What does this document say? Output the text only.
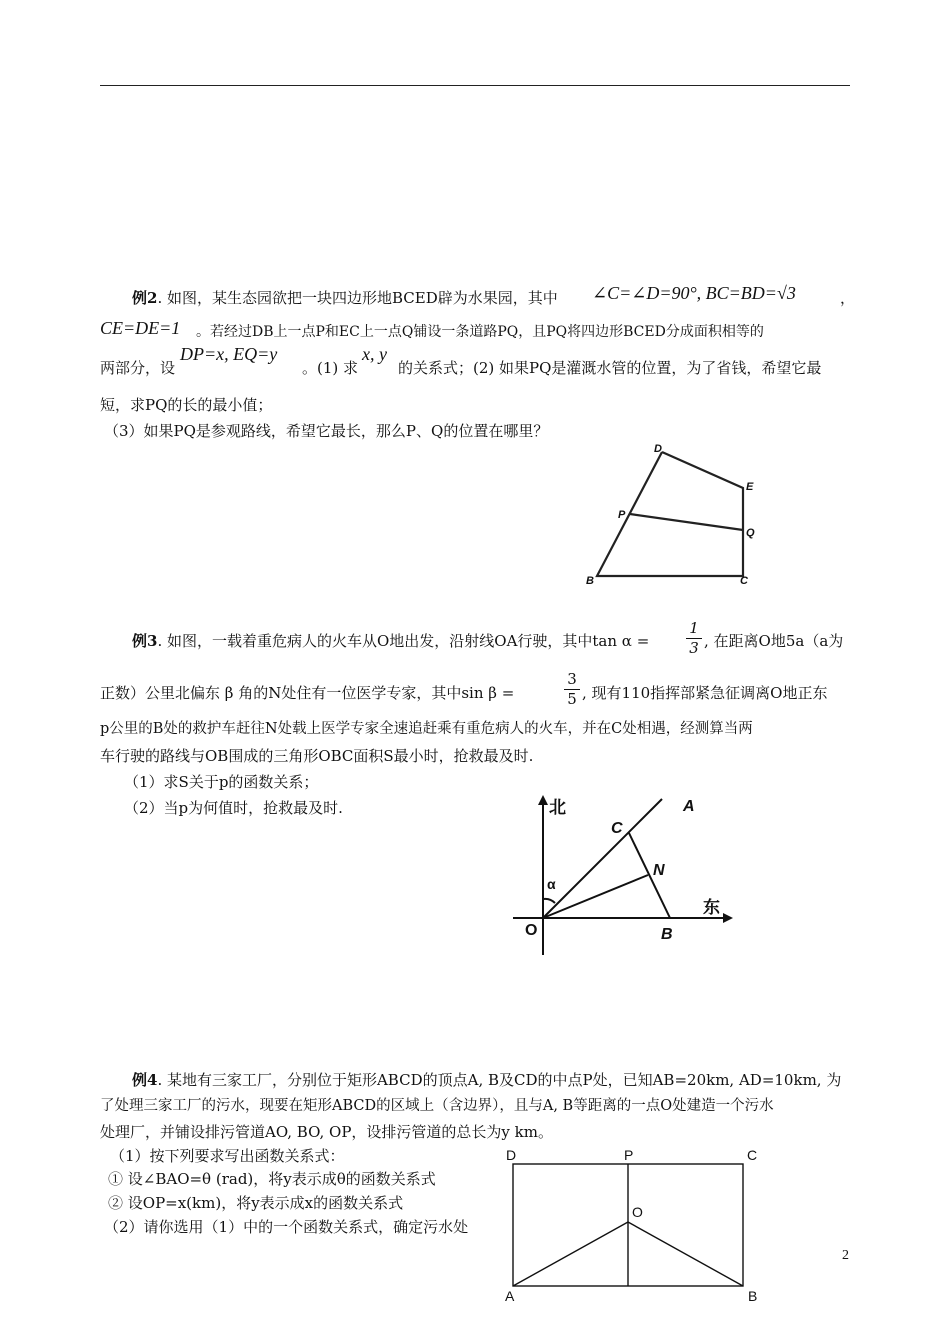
例2. 如图，某生态园欲把一块四边形地BCED辟为水果园，其中 ∠C=∠D=90°, BC=BD=√3	，
CE=DE=1 。若经过DB上一点P和EC上一点Q铺设一条道路PQ，且PQ将四边形BCED分成面积相等的
两部分，设
DP=x, EQ=y
。(1) 求
x, y
的关系式；(2) 如果PQ是灌溉水管的位置，为了省钱，希望它最
短，求PQ的长的最小值；
（3）如果PQ是参观路线，希望它最长，那么P、Q的位置在哪里？
D
E
P
Q
B	C
例3. 如图，一载着重危病人的火车从O地出发，沿射线OA行驶，其中$\tan \alpha = \frac{1}{3}$ , 在距离O地5a（a为
正数）公里北偏东 β 角的N处住有一位医学专家，其中sin β =	$\frac{3}{5}$ , 现有110指挥部紧急征调离O地正东
p公里的B处的救护车赶往N处载上医学专家全速追赶乘有重危病人的火车，并在C处相遇，经测算当两
车行驶的路线与OB围成的三角形OBC面积S最小时，抢救最及时.
（1）求S关于p的函数关系；
（2）当p为何值时，抢救最及时.	北
东
A
C
N
B
O
α
例4. 某地有三家工厂，分别位于矩形ABCD的顶点A, B及CD的中点P处，已知AB=20km, AD=10km, 为
了处理三家工厂的污水，现要在矩形ABCD的区域上（含边界），且与A, B等距离的一点O处建造一个污水
处理厂，并铺设排污管道AO, BO, OP，设排污管道的总长为y km。
（1）按下列要求写出函数关系式：
① 设∠BAO=θ (rad)，将y表示成θ的函数关系式
② 设OP=x(km)，将y表示成x的函数关系式
（2）请你选用（1）中的一个函数关系式，确定污水处
D	P	C
O
A	B
2
